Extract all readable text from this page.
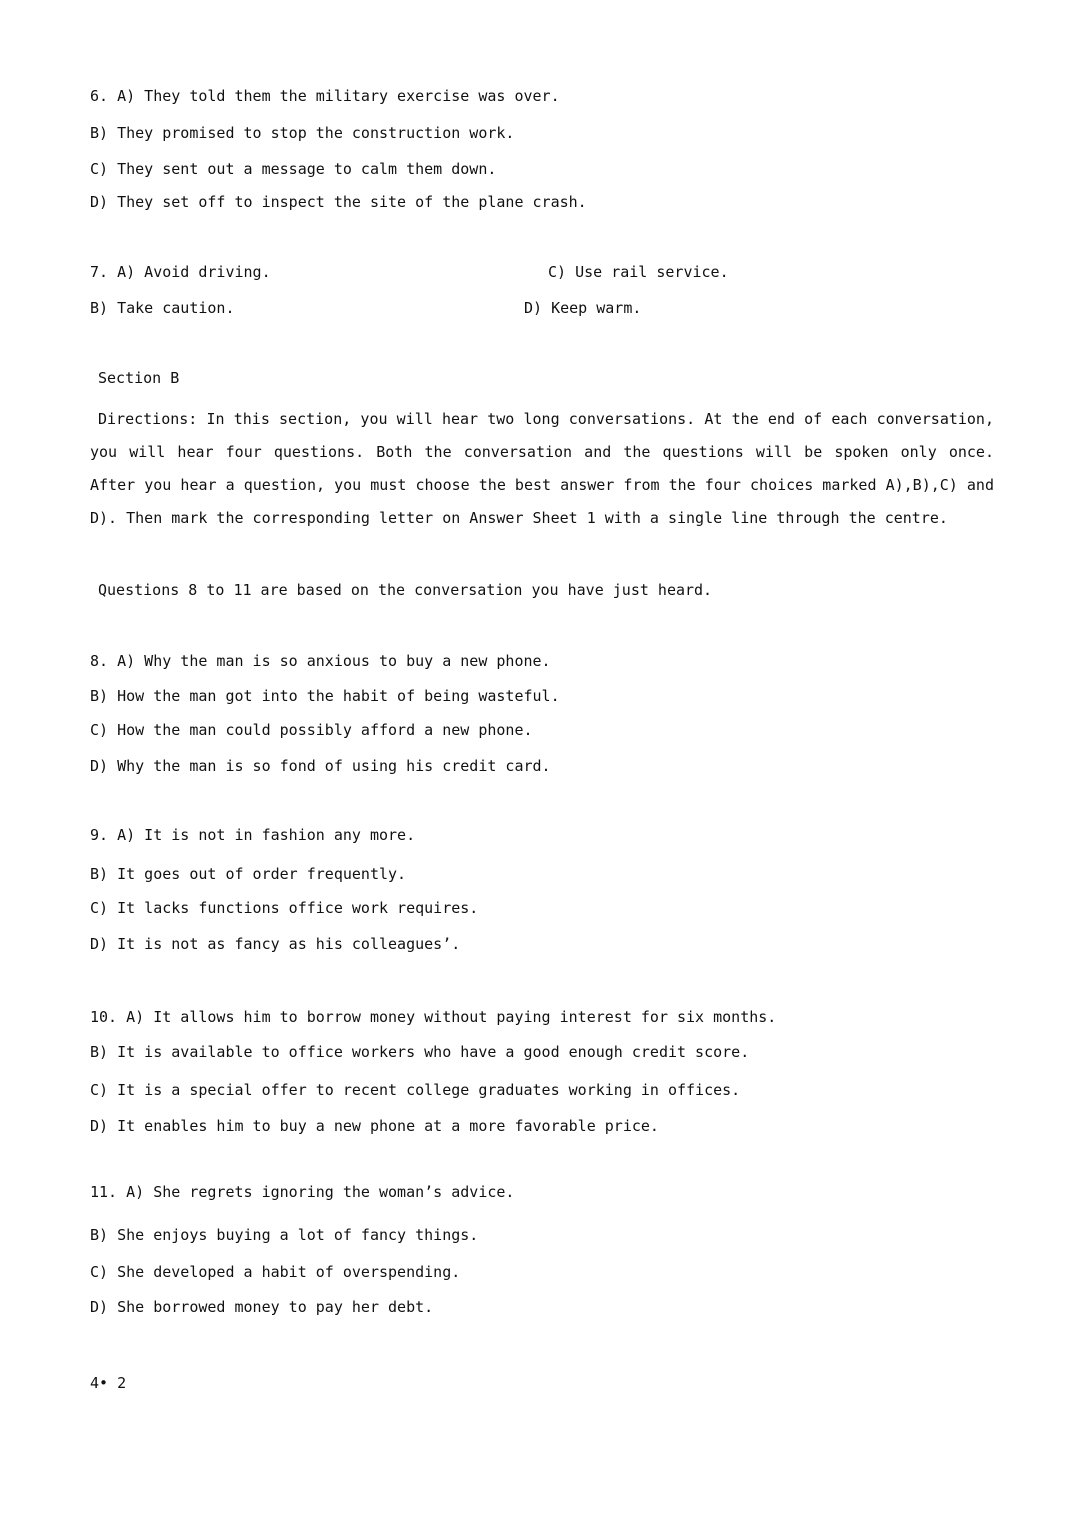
6. A) They told them the military exercise was over.

B) They promised to stop the construction work.

C) They sent out a message to calm them down.

D) They set off to inspect the site of the plane crash.

7. A) Avoid driving.	C) Use rail service.

B) Take caution.	D) Keep warm.

Section B

Directions: In this section, you will hear two long conversations. At the end of each conversation, you will hear four questions. Both the conversation and the questions will be spoken only once. After you hear a question, you must choose the best answer from the four choices marked A),B),C) and D). Then mark the corresponding letter on Answer Sheet 1 with a single line through the centre.

Questions 8 to 11 are based on the conversation you have just heard.

8. A) Why the man is so anxious to buy a new phone.

B) How the man got into the habit of being wasteful.

C) How the man could possibly afford a new phone.

D) Why the man is so fond of using his credit card.

9. A) It is not in fashion any more.

B) It goes out of order frequently.

C) It lacks functions office work requires.

D) It is not as fancy as his colleagues’.

10. A) It allows him to borrow money without paying interest for six months.

B) It is available to office workers who have a good enough credit score.

C) It is a special offer to recent college graduates working in offices.

D) It enables him to buy a new phone at a more favorable price.

11. A) She regrets ignoring the woman’s advice.

B) She enjoys buying a lot of fancy things.

C) She developed a habit of overspending.

D) She borrowed money to pay her debt.

4• 2
